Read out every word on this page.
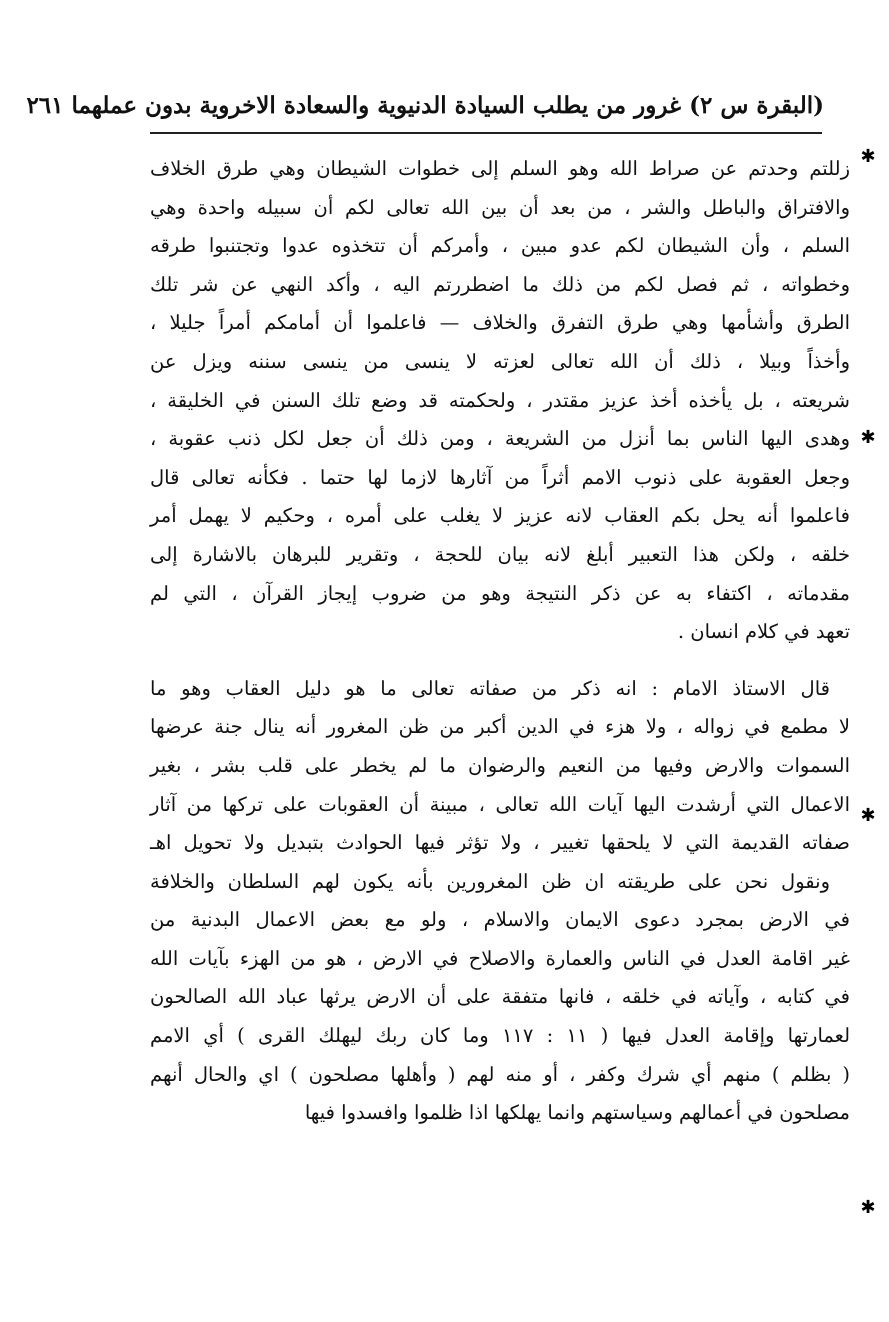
(البقرة س ٢) غرور من يطلب السيادة الدنيوية والسعادة الاخروية بدون عملهما ٢٦١
✱
✱
✱
✱
زللتم وحدتم عن صراط الله وهو السلم إلى خطوات الشيطان وهي طرق الخلاف
والافتراق والباطل والشر ، من بعد أن بين الله تعالى لكم أن سبيله واحدة وهي
السلم ، وأن الشيطان لكم عدو مبين ، وأمركم أن تتخذوه عدوا وتجتنبوا طرقه
وخطواته ، ثم فصل لكم من ذلك ما اضطررتم اليه ، وأكد النهي عن شر تلك
الطرق وأشأمها وهي طرق التفرق والخلاف — فاعلموا أن أمامكم أمراً جليلا ،
وأخذاً وبيلا ، ذلك أن الله تعالى لعزته لا ينسى من ينسى سننه ويزل عن
شريعته ، بل يأخذه أخذ عزيز مقتدر ، ولحكمته قد وضع تلك السنن في الخليقة ،
وهدى اليها الناس بما أنزل من الشريعة ، ومن ذلك أن جعل لكل ذنب عقوبة ،
وجعل العقوبة على ذنوب الامم أثراً من آثارها لازما لها حتما . فكأنه تعالى قال
فاعلموا أنه يحل بكم العقاب لانه عزيز لا يغلب على أمره ، وحكيم لا يهمل أمر
خلقه ، ولكن هذا التعبير أبلغ لانه بيان للحجة ، وتقرير للبرهان بالاشارة إلى
مقدماته ، اكتفاء به عن ذكر النتيجة وهو من ضروب إيجاز القرآن ، التي لم
تعهد في كلام انسان .
قال الاستاذ الامام : انه ذكر من صفاته تعالى ما هو دليل العقاب وهو ما
لا مطمع في زواله ، ولا هزء في الدين أكبر من ظن المغرور أنه ينال جنة عرضها
السموات والارض وفيها من النعيم والرضوان ما لم يخطر على قلب بشر ، بغير
الاعمال التي أرشدت اليها آيات الله تعالى ، مبينة أن العقوبات على تركها من آثار
صفاته القديمة التي لا يلحقها تغيير ، ولا تؤثر فيها الحوادث بتبديل ولا تحويل اهـ
ونقول نحن على طريقته ان ظن المغرورين بأنه يكون لهم السلطان والخلافة
في الارض بمجرد دعوى الايمان والاسلام ، ولو مع بعض الاعمال البدنية من
غير اقامة العدل في الناس والعمارة والاصلاح في الارض ، هو من الهزء بآيات الله
في كتابه ، وآياته في خلقه ، فانها متفقة على أن الارض يرثها عباد الله الصالحون
لعمارتها وإقامة العدل فيها ( ١١ : ١١٧ وما كان ربك ليهلك القرى ) أي الامم
( بظلم ) منهم أي شرك وكفر ، أو منه لهم ( وأهلها مصلحون ) اي والحال أنهم
مصلحون في أعمالهم وسياستهم وانما يهلكها اذا ظلموا وافسدوا فيها
